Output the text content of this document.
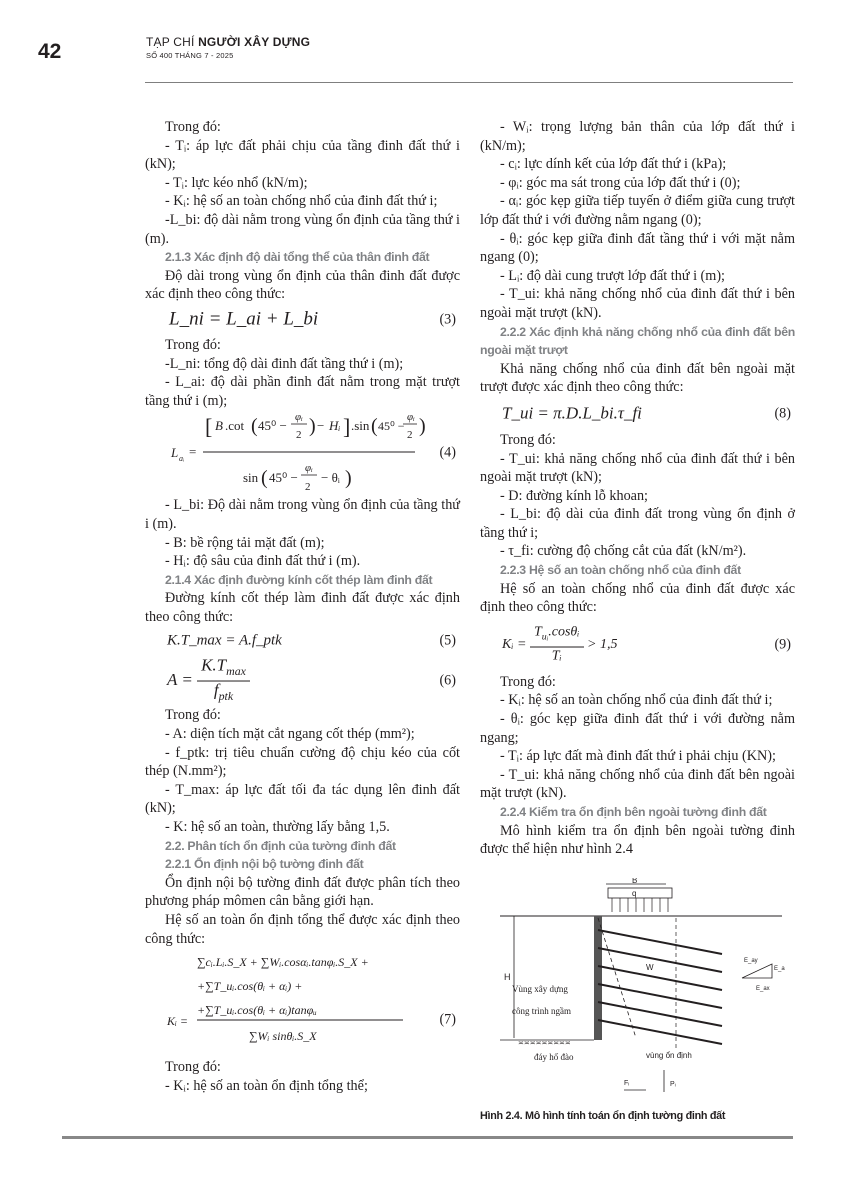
42	TẠP CHÍ NGƯỜI XÂY DỰNG
SỐ 400 THÁNG 7 - 2025

Trong đó:

- Tᵢ: áp lực đất phải chịu của tầng đinh đất thứ i (kN);

- Tᵢ: lực kéo nhổ (kN/m);

- Kᵢ: hệ số an toàn chống nhổ của đinh đất thứ i;

-L_bi: độ dài nằm trong vùng ổn định của tầng thứ i (m).

2.1.3 Xác định độ dài tổng thể của thân đinh đất

Độ dài trong vùng ổn định của thân đinh đất được xác định theo công thức:

L_ni = L_ai + L_bi	(3)

Trong đó:

-L_ni: tổng độ dài đinh đất tầng thứ i (m);

- L_ai: độ dài phần đinh đất nằm trong mặt trượt tầng thứ i (m);

L aᵢ =
[ B .cot ( 45⁰ −
φᵢ
2 ) − Hᵢ ] .sin ( 45⁰ −
φᵢ
2 )
sin ( 45⁰ −
φᵢ
2
− θᵢ )
(4)

- L_bi: Độ dài nằm trong vùng ổn định của tầng thứ i (m).

- B: bề rộng tải mặt đất (m);

- Hᵢ: độ sâu của đinh đất thứ i (m).

2.1.4 Xác định đường kính cốt thép làm đinh đất

Đường kính cốt thép làm đinh đất được xác định theo công thức:

K.T_max = A.f_ptk	(5)
$A = \frac{K.T_{max}}{f_{ptk}}$	(6)

Trong đó:

- A: diện tích mặt cắt ngang cốt thép (mm²);

- f_ptk: trị tiêu chuẩn cường độ chịu kéo của cốt thép (N.mm²);

- T_max: áp lực đất tối đa tác dụng lên đinh đất (kN);

- K: hệ số an toàn, thường lấy bằng 1,5.

2.2. Phân tích ổn định của tường đinh đất

2.2.1 Ổn định nội bộ tường đinh đất

Ổn định nội bộ tường đinh đất được phân tích theo phương pháp mômen cân bằng giới hạn.

Hệ số an toàn ổn định tổng thể được xác định theo công thức:

∑cᵢ.Lᵢ.S_X + ∑Wᵢ.cosαᵢ.tanφᵢ.S_X +
+∑T_uᵢ.cos(θᵢ + αᵢ) +
+∑T_uᵢ.cos(θᵢ + αᵢ)tanφᵤ
Kᵢ =
∑Wᵢ sinθᵢ.S_X
(7)

Trong đó:

- Kᵢ: hệ số an toàn ổn định tổng thể;

- Wᵢ: trọng lượng bản thân của lớp đất thứ i (kN/m);

- cᵢ: lực dính kết của lớp đất thứ i (kPa);

- φᵢ: góc ma sát trong của lớp đất thứ i (0);

- αᵢ: góc kẹp giữa tiếp tuyến ở điểm giữa cung trượt lớp đất thứ i với đường nằm ngang (0);

- θᵢ: góc kẹp giữa đinh đất tầng thứ i với mặt nằm ngang (0);

- Lᵢ: độ dài cung trượt lớp đất thứ i (m);

- T_ui: khả năng chống nhổ của đinh đất thứ i bên ngoài mặt trượt (kN).

2.2.2 Xác định khả năng chống nhổ của đinh đất bên ngoài mặt trượt

Khả năng chống nhổ của đinh đất bên ngoài mặt trượt được xác định theo công thức:

T_ui = π.D.L_bi.τ_fi	(8)

Trong đó:

- T_ui: khả năng chống nhổ của đinh đất thứ i bên ngoài mặt trượt (kN);

- D: đường kính lỗ khoan;

- L_bi: độ dài của đinh đất trong vùng ổn định ở tầng thứ i;

- τ_fi: cường độ chống cắt của đất (kN/m²).

2.2.3 Hệ số an toàn chống nhổ của đinh đất

Hệ số an toàn chống nhổ của đinh đất được xác định theo công thức:

Kᵢ = $\frac{T_{uᵢ}.\cos\theta ᵢ}{\text{Tᵢ}} > 1,5$	(9)

Trong đó:

- Kᵢ: hệ số an toàn chống nhổ của đinh đất thứ i;

- θᵢ: góc kẹp giữa đinh đất thứ i với đường nằm ngang;

- Tᵢ: áp lực đất mà đinh đất thứ i phải chịu (KN);

- T_ui: khả năng chống nhổ của đinh đất bên ngoài mặt trượt (kN).

2.2.4 Kiểm tra ổn định bên ngoài tường đinh đất

Mô hình kiểm tra ổn định bên ngoài tường đinh được thể hiện như hình 2.4

B
q
H
W
E_ay
E_a
E_ax
Vùng xây dựng
công trình ngầm
≍≍≍≍≍≍≍≍≍
đáy hố đào	vùng ổn định
Fᵢ	Pᵢ
Hình 2.4. Mô hình tính toán ổn định tường đinh đất
